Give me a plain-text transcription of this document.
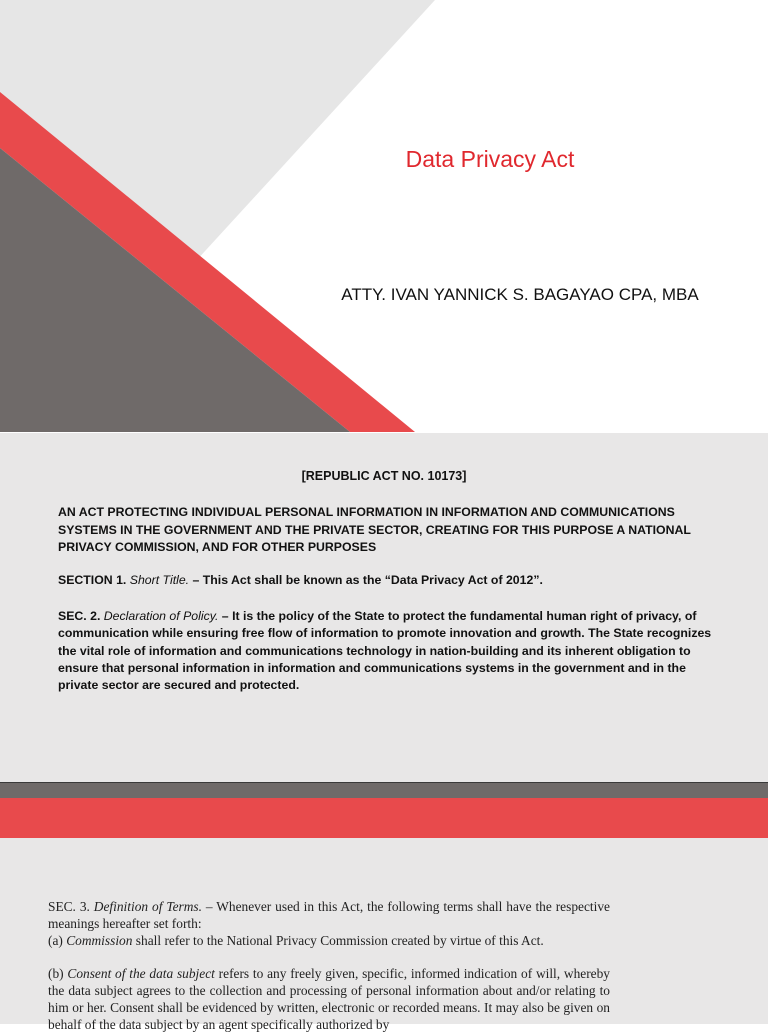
Data Privacy Act
ATTY. IVAN YANNICK S. BAGAYAO CPA, MBA
[REPUBLIC ACT NO. 10173]
AN ACT PROTECTING INDIVIDUAL PERSONAL INFORMATION IN INFORMATION AND COMMUNICATIONS SYSTEMS IN THE GOVERNMENT AND THE PRIVATE SECTOR, CREATING FOR THIS PURPOSE A NATIONAL PRIVACY COMMISSION, AND FOR OTHER PURPOSES
SECTION 1. Short Title. – This Act shall be known as the “Data Privacy Act of 2012”.
SEC. 2. Declaration of Policy. – It is the policy of the State to protect the fundamental human right of privacy, of communication while ensuring free flow of information to promote innovation and growth. The State recognizes the vital role of information and communications technology in nation-building and its inherent obligation to ensure that personal information in information and communications systems in the government and in the private sector are secured and protected.

SEC. 3. Definition of Terms. – Whenever used in this Act, the following terms shall have the respective meanings hereafter set forth:

(a) Commission shall refer to the National Privacy Commission created by virtue of this Act.

(b) Consent of the data subject refers to any freely given, specific, informed indication of will, whereby the data subject agrees to the collection and processing of personal information about and/or relating to him or her. Consent shall be evidenced by written, electronic or recorded means. It may also be given on behalf of the data subject by an agent specifically authorized by
